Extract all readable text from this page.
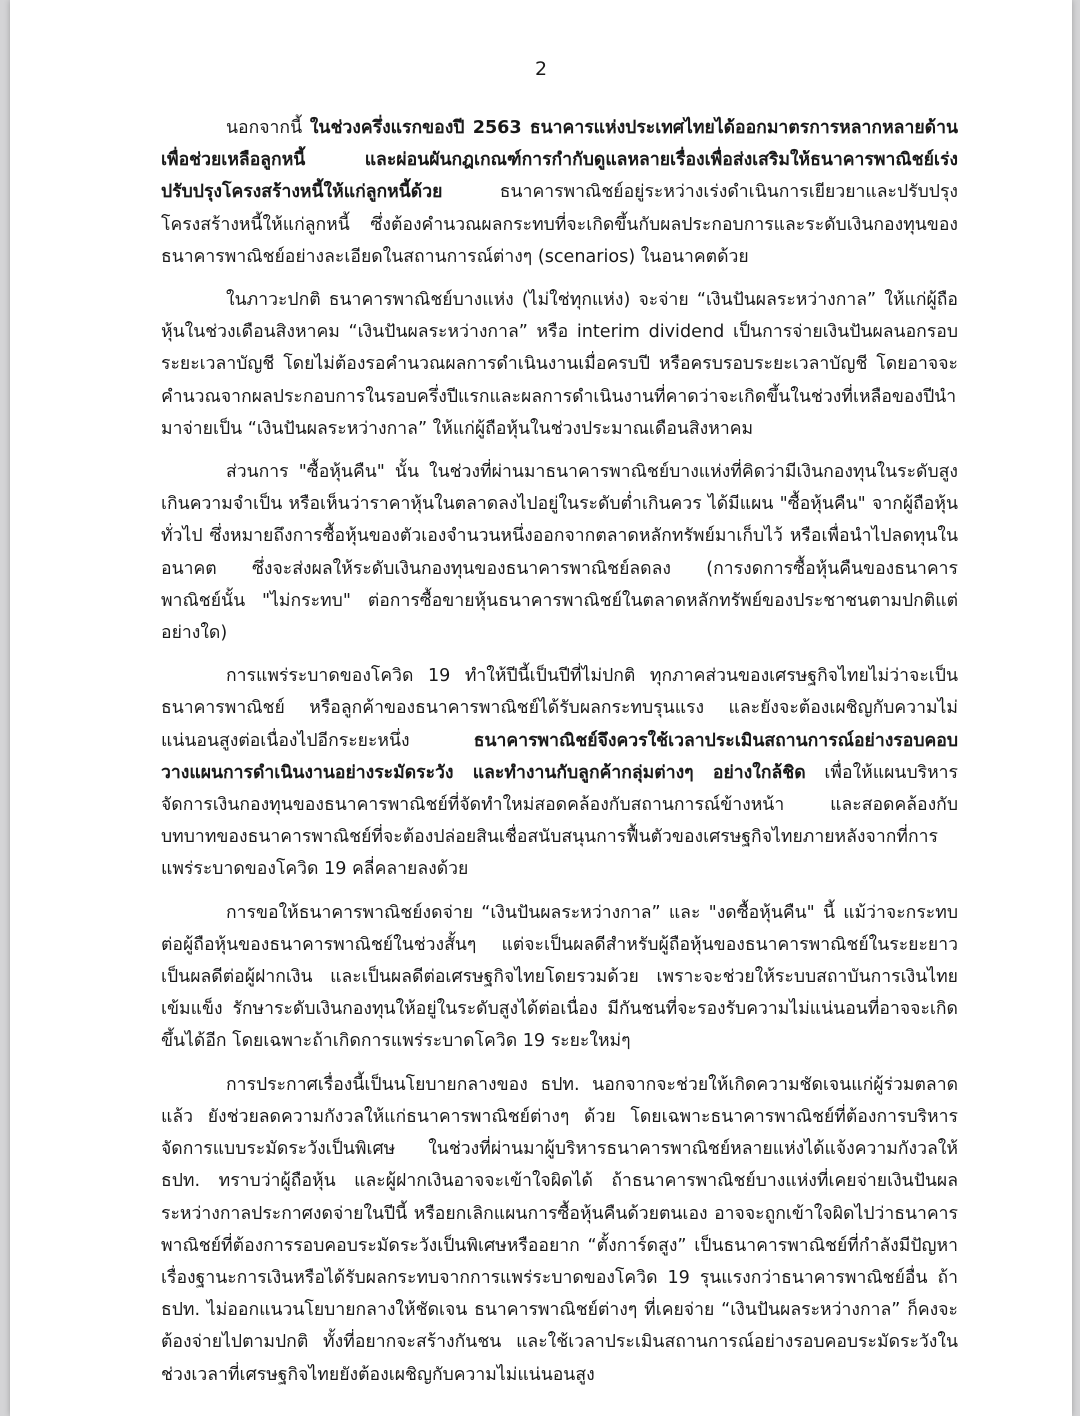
2

นอกจากนี้ ในช่วงครึ่งแรกของปี 2563 ธนาคารแห่งประเทศไทยได้ออกมาตรการหลากหลายด้านเพื่อช่วยเหลือลูกหนี้ และผ่อนผันกฎเกณฑ์การกำกับดูแลหลายเรื่องเพื่อส่งเสริมให้ธนาคารพาณิชย์เร่งปรับปรุงโครงสร้างหนี้ให้แก่ลูกหนี้ด้วย ธนาคารพาณิชย์อยู่ระหว่างเร่งดำเนินการเยียวยาและปรับปรุงโครงสร้างหนี้ให้แก่ลูกหนี้ ซึ่งต้องคำนวณผลกระทบที่จะเกิดขึ้นกับผลประกอบการและระดับเงินกองทุนของธนาคารพาณิชย์อย่างละเอียดในสถานการณ์ต่างๆ (scenarios) ในอนาคตด้วย

ในภาวะปกติ ธนาคารพาณิชย์บางแห่ง (ไม่ใช่ทุกแห่ง) จะจ่าย “เงินปันผลระหว่างกาล” ให้แก่ผู้ถือหุ้นในช่วงเดือนสิงหาคม “เงินปันผลระหว่างกาล” หรือ interim dividend เป็นการจ่ายเงินปันผลนอกรอบระยะเวลาบัญชี โดยไม่ต้องรอคำนวณผลการดำเนินงานเมื่อครบปี หรือครบรอบระยะเวลาบัญชี โดยอาจจะคำนวณจากผลประกอบการในรอบครึ่งปีแรกและผลการดำเนินงานที่คาดว่าจะเกิดขึ้นในช่วงที่เหลือของปีนำมาจ่ายเป็น “เงินปันผลระหว่างกาล” ให้แก่ผู้ถือหุ้นในช่วงประมาณเดือนสิงหาคม

ส่วนการ "ซื้อหุ้นคืน" นั้น ในช่วงที่ผ่านมาธนาคารพาณิชย์บางแห่งที่คิดว่ามีเงินกองทุนในระดับสูงเกินความจำเป็น หรือเห็นว่าราคาหุ้นในตลาดลงไปอยู่ในระดับต่ำเกินควร ได้มีแผน "ซื้อหุ้นคืน" จากผู้ถือหุ้นทั่วไป ซึ่งหมายถึงการซื้อหุ้นของตัวเองจำนวนหนึ่งออกจากตลาดหลักทรัพย์มาเก็บไว้ หรือเพื่อนำไปลดทุนในอนาคต ซึ่งจะส่งผลให้ระดับเงินกองทุนของธนาคารพาณิชย์ลดลง (การงดการซื้อหุ้นคืนของธนาคารพาณิชย์นั้น "ไม่กระทบ" ต่อการซื้อขายหุ้นธนาคารพาณิชย์ในตลาดหลักทรัพย์ของประชาชนตามปกติแต่อย่างใด)

การแพร่ระบาดของโควิด 19 ทำให้ปีนี้เป็นปีที่ไม่ปกติ ทุกภาคส่วนของเศรษฐกิจไทยไม่ว่าจะเป็นธนาคารพาณิชย์ หรือลูกค้าของธนาคารพาณิชย์ได้รับผลกระทบรุนแรง และยังจะต้องเผชิญกับความไม่แน่นอนสูงต่อเนื่องไปอีกระยะหนึ่ง ธนาคารพาณิชย์จึงควรใช้เวลาประเมินสถานการณ์อย่างรอบคอบ วางแผนการดำเนินงานอย่างระมัดระวัง และทำงานกับลูกค้ากลุ่มต่างๆ อย่างใกล้ชิด เพื่อให้แผนบริหารจัดการเงินกองทุนของธนาคารพาณิชย์ที่จัดทำใหม่สอดคล้องกับสถานการณ์ข้างหน้า และสอดคล้องกับบทบาทของธนาคารพาณิชย์ที่จะต้องปล่อยสินเชื่อสนับสนุนการฟื้นตัวของเศรษฐกิจไทยภายหลังจากที่การแพร่ระบาดของโควิด 19 คลี่คลายลงด้วย

การขอให้ธนาคารพาณิชย์งดจ่าย “เงินปันผลระหว่างกาล” และ "งดซื้อหุ้นคืน" นี้ แม้ว่าจะกระทบต่อผู้ถือหุ้นของธนาคารพาณิชย์ในช่วงสั้นๆ แต่จะเป็นผลดีสำหรับผู้ถือหุ้นของธนาคารพาณิชย์ในระยะยาว เป็นผลดีต่อผู้ฝากเงิน และเป็นผลดีต่อเศรษฐกิจไทยโดยรวมด้วย เพราะจะช่วยให้ระบบสถาบันการเงินไทยเข้มแข็ง รักษาระดับเงินกองทุนให้อยู่ในระดับสูงได้ต่อเนื่อง มีกันชนที่จะรองรับความไม่แน่นอนที่อาจจะเกิดขึ้นได้อีก โดยเฉพาะถ้าเกิดการแพร่ระบาดโควิด 19 ระยะใหม่ๆ

การประกาศเรื่องนี้เป็นนโยบายกลางของ ธปท. นอกจากจะช่วยให้เกิดความชัดเจนแก่ผู้ร่วมตลาดแล้ว ยังช่วยลดความกังวลให้แก่ธนาคารพาณิชย์ต่างๆ ด้วย โดยเฉพาะธนาคารพาณิชย์ที่ต้องการบริหารจัดการแบบระมัดระวังเป็นพิเศษ ในช่วงที่ผ่านมาผู้บริหารธนาคารพาณิชย์หลายแห่งได้แจ้งความกังวลให้ ธปท. ทราบว่าผู้ถือหุ้น และผู้ฝากเงินอาจจะเข้าใจผิดได้ ถ้าธนาคารพาณิชย์บางแห่งที่เคยจ่ายเงินปันผลระหว่างกาลประกาศงดจ่ายในปีนี้ หรือยกเลิกแผนการซื้อหุ้นคืนด้วยตนเอง อาจจะถูกเข้าใจผิดไปว่าธนาคารพาณิชย์ที่ต้องการรอบคอบระมัดระวังเป็นพิเศษหรืออยาก “ตั้งการ์ดสูง” เป็นธนาคารพาณิชย์ที่กำลังมีปัญหาเรื่องฐานะการเงินหรือได้รับผลกระทบจากการแพร่ระบาดของโควิด 19 รุนแรงกว่าธนาคารพาณิชย์อื่น ถ้า ธปท. ไม่ออกแนวนโยบายกลางให้ชัดเจน ธนาคารพาณิชย์ต่างๆ ที่เคยจ่าย “เงินปันผลระหว่างกาล” ก็คงจะต้องจ่ายไปตามปกติ ทั้งที่อยากจะสร้างกันชน และใช้เวลาประเมินสถานการณ์อย่างรอบคอบระมัดระวังในช่วงเวลาที่เศรษฐกิจไทยยังต้องเผชิญกับความไม่แน่นอนสูง
